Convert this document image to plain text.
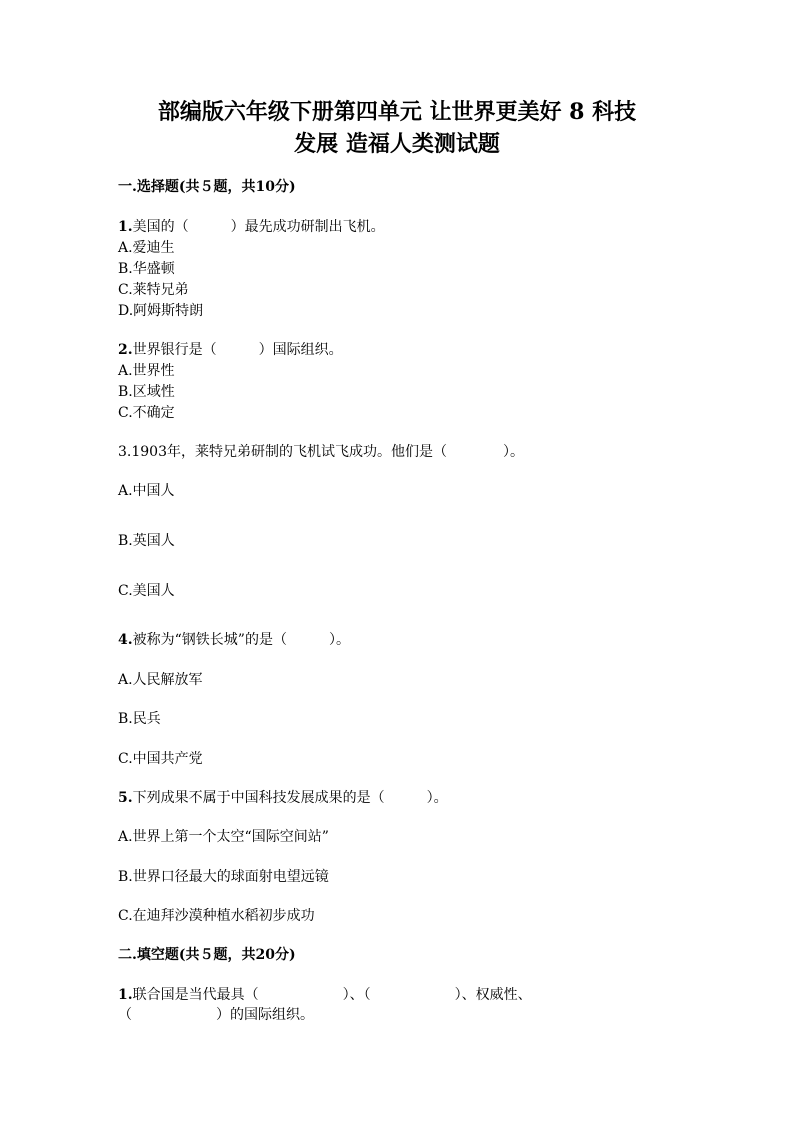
部编版六年级下册第四单元 让世界更美好 8 科技
发展 造福人类测试题
一.选择题(共５题，共10分)
1.美国的（　　　）最先成功研制出飞机。
A.爱迪生
B.华盛顿
C.莱特兄弟
D.阿姆斯特朗
2.世界银行是（　　　）国际组织。
A.世界性
B.区域性
C.不确定
3.1903年，莱特兄弟研制的飞机试飞成功。他们是（　　　　）。
A.中国人
B.英国人
C.美国人
4.被称为“钢铁长城”的是（　　　）。
A.人民解放军
B.民兵
C.中国共产党
5.下列成果不属于中国科技发展成果的是（　　　）。
A.世界上第一个太空“国际空间站”
B.世界口径最大的球面射电望远镜
C.在迪拜沙漠种植水稻初步成功
二.填空题(共５题，共20分)
1.联合国是当代最具（　　　　　　）、（　　　　　　）、权威性、
（　　　　　　）的国际组织。
